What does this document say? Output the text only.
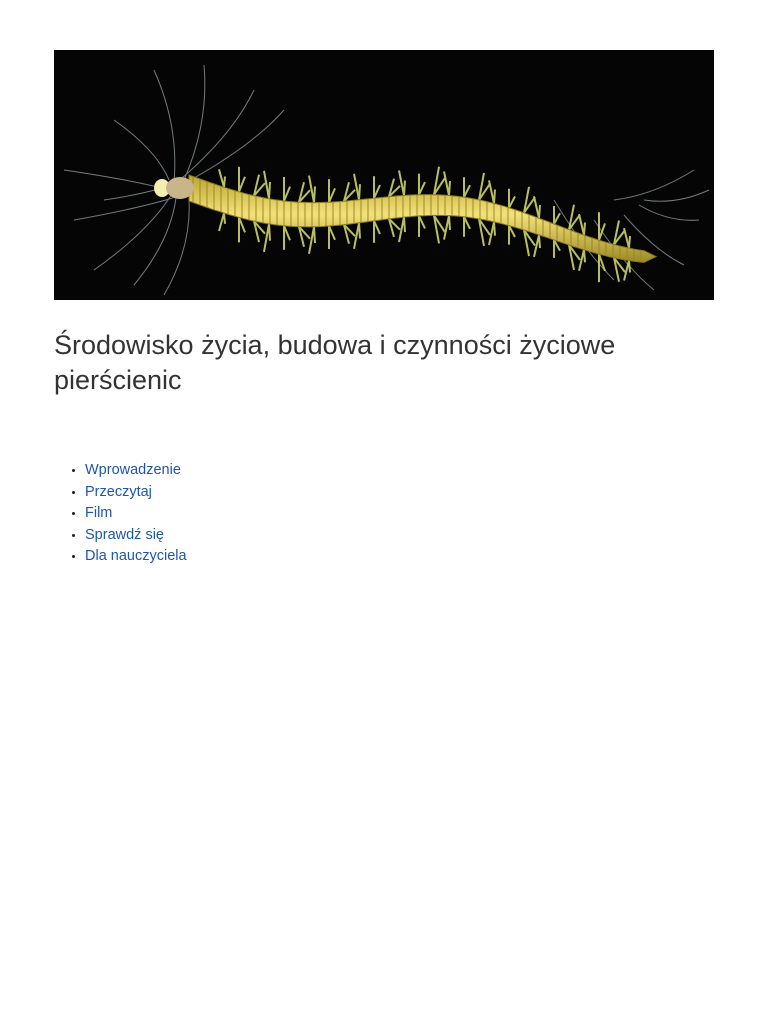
Środowisko życia, budowa i czynności życiowe pierścienic
• Wprowadzenie
• Przeczytaj
• Film
• Sprawdź się
• Dla nauczyciela
